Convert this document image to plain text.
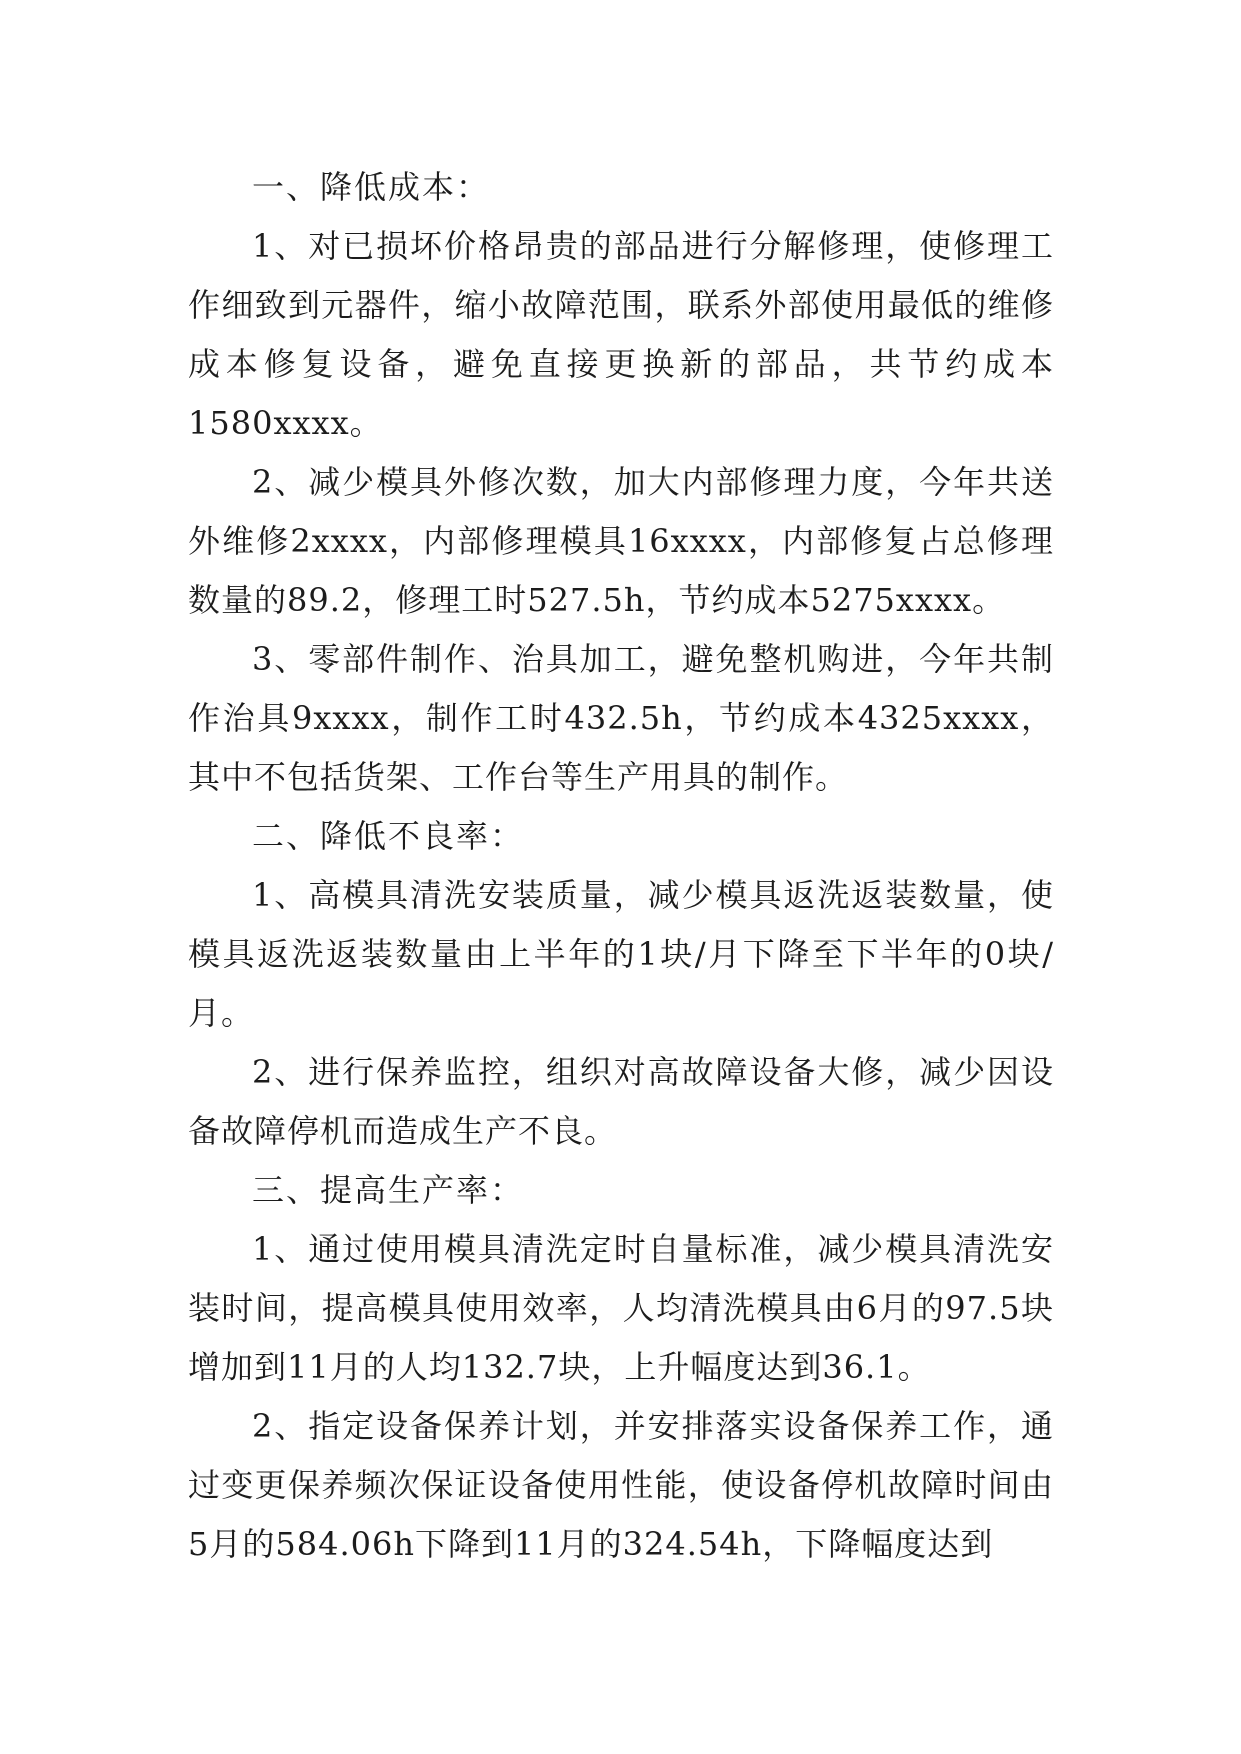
一、降低成本：

1、对已损坏价格昂贵的部品进行分解修理，使修理工作细致到元器件，缩小故障范围，联系外部使用最低的维修成本修复设备，避免直接更换新的部品，共节约成本1580xxxx。

2、减少模具外修次数，加大内部修理力度，今年共送外维修2xxxx，内部修理模具16xxxx，内部修复占总修理数量的89.2，修理工时527.5h，节约成本5275xxxx。

3、零部件制作、治具加工，避免整机购进，今年共制作治具9xxxx，制作工时432.5h，节约成本4325xxxx，其中不包括货架、工作台等生产用具的制作。

二、降低不良率：

1、高模具清洗安装质量，减少模具返洗返装数量，使模具返洗返装数量由上半年的1块/月下降至下半年的0块/月。

2、进行保养监控，组织对高故障设备大修，减少因设备故障停机而造成生产不良。

三、提高生产率：

1、通过使用模具清洗定时自量标准，减少模具清洗安装时间，提高模具使用效率，人均清洗模具由6月的97.5块增加到11月的人均132.7块，上升幅度达到36.1。

2、指定设备保养计划，并安排落实设备保养工作，通过变更保养频次保证设备使用性能，使设备停机故障时间由5月的584.06h下降到11月的324.54h，下降幅度达到
